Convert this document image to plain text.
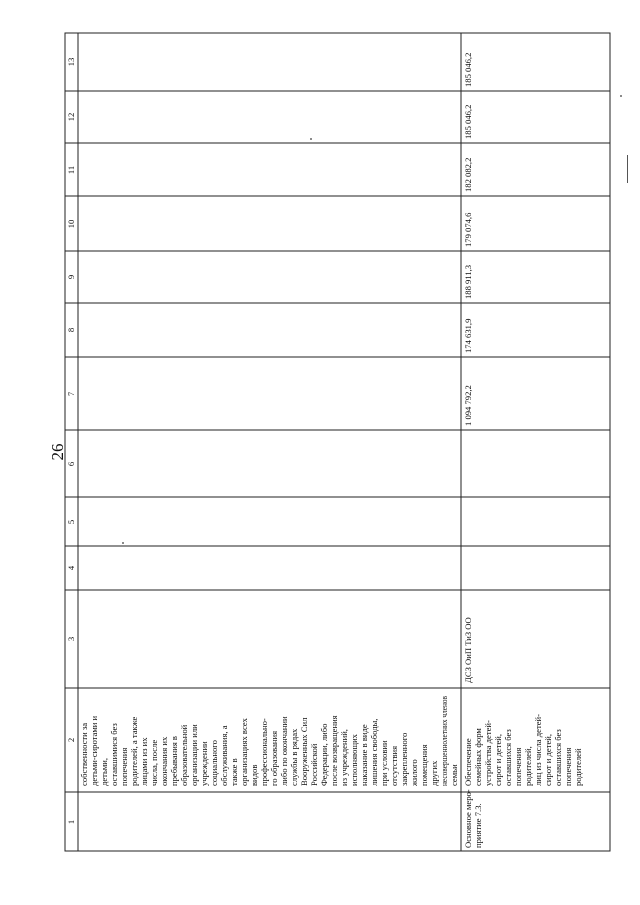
26
13
12
11
10
9
8
7
6
5
4
3
2
1
собственности за детьми-сиротами и детьми, оставшимися без попечения родителей, а также лицами из их числа, после окончания их пребывания в образовательной организации или учреждении социального обслуживания, а также в организациях всех видов профессионально- го образования либо по окончании службы в рядах Вооруженных Сил Российской Федерации, либо после возвращения из учреждений, исполняющих наказание в виде лишения свободы, при условии отсутствия закрепленного жилого помещения других несовершеннолетних членов семьи
Основное меро- приятие 7.3.
Обеспечение семейных форм устройства детей- сирот и детей, оставшихся без попечения родителей, лиц из числа детей- сирот и детей, оставшихся без попечения родителей
ДСЗ ОиП ТиЗ ОО
1 094 792,2
174 631,9
188 911,3
179 074,6
182 082,2
185 046,2
185 046,2
